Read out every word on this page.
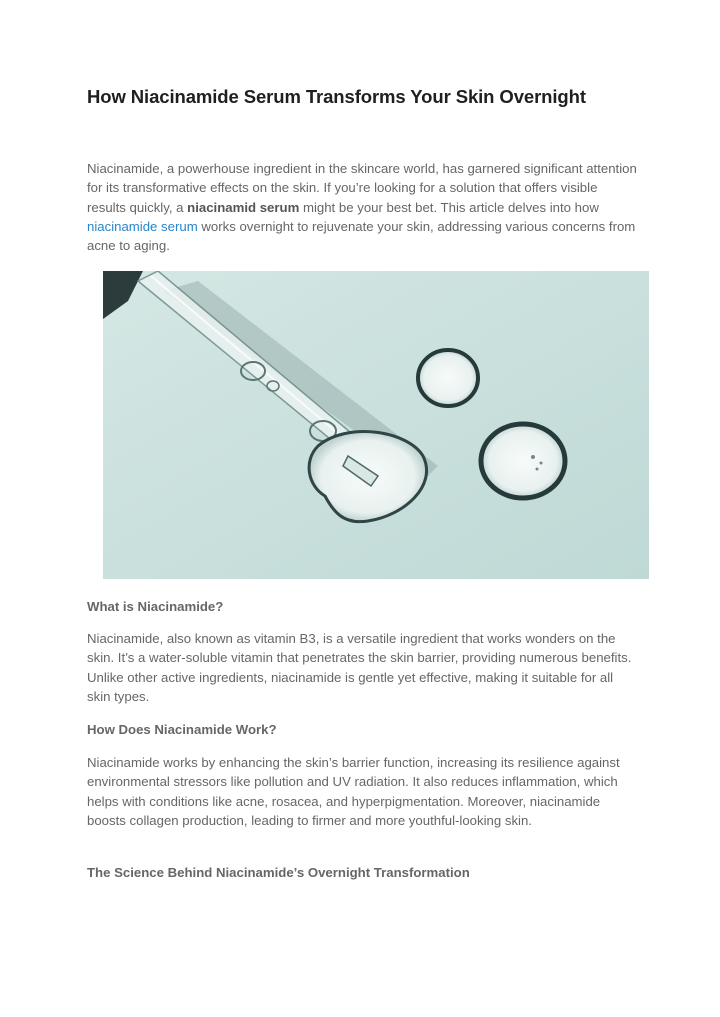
How Niacinamide Serum Transforms Your Skin Overnight

Niacinamide, a powerhouse ingredient in the skincare world, has garnered significant attention for its transformative effects on the skin. If you’re looking for a solution that offers visible results quickly, a niacinamid serum might be your best bet. This article delves into how niacinamide serum works overnight to rejuvenate your skin, addressing various concerns from acne to aging.

What is Niacinamide?

Niacinamide, also known as vitamin B3, is a versatile ingredient that works wonders on the skin. It’s a water-soluble vitamin that penetrates the skin barrier, providing numerous benefits. Unlike other active ingredients, niacinamide is gentle yet effective, making it suitable for all skin types.

How Does Niacinamide Work?

Niacinamide works by enhancing the skin’s barrier function, increasing its resilience against environmental stressors like pollution and UV radiation. It also reduces inflammation, which helps with conditions like acne, rosacea, and hyperpigmentation. Moreover, niacinamide boosts collagen production, leading to firmer and more youthful-looking skin.

The Science Behind Niacinamide’s Overnight Transformation
